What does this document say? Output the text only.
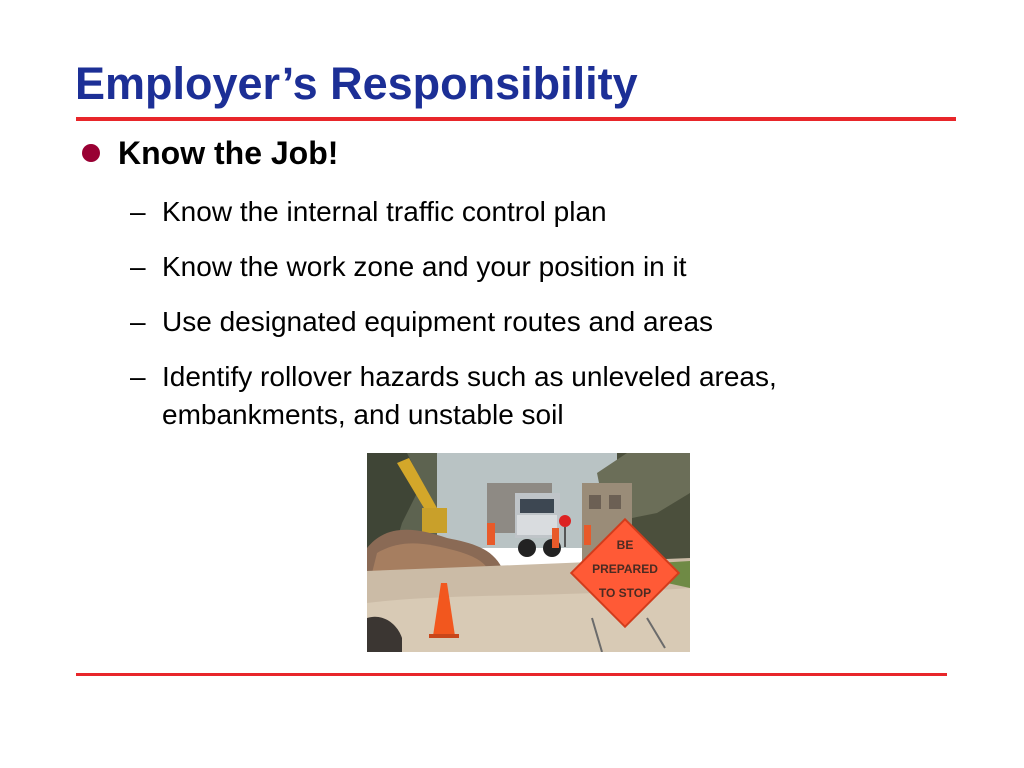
Employer’s Responsibility
Know the Job!
– Know the internal traffic control plan
– Know the work zone and your position in it
– Use designated equipment routes and areas
– Identify rollover hazards such as unleveled areas, embankments, and unstable soil
BE
PREPARED
TO STOP
